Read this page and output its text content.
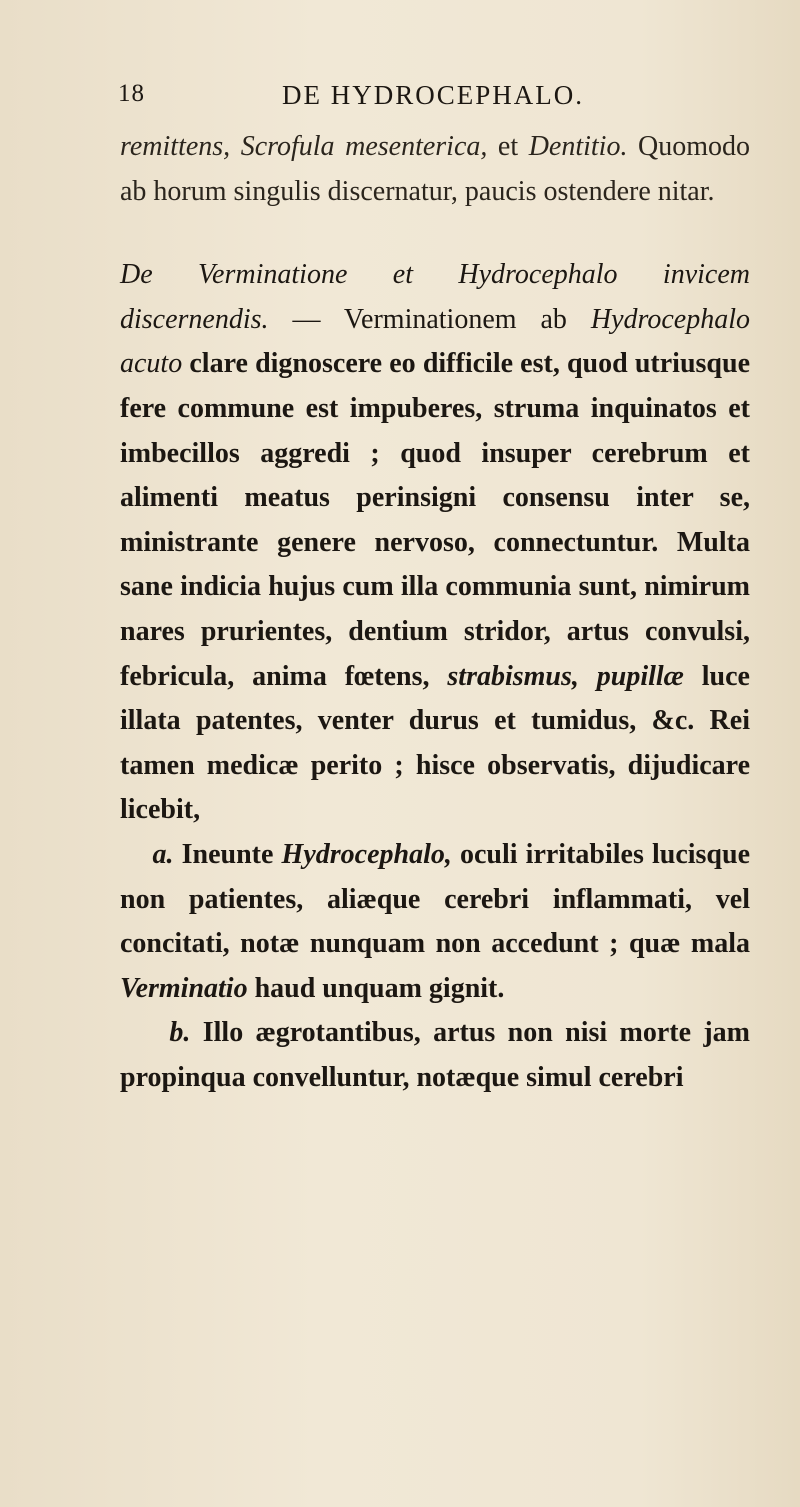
18	DE HYDROCEPHALO.

remittens, Scrofula mesenterica, et Dentitio. Quomodo ab horum singulis discernatur, paucis ostendere nitar.

De Verminatione et Hydrocephalo invicem discernendis. — Verminationem ab Hydrocephalo acuto clare dignoscere eo difficile est, quod utriusque fere commune est impuberes, struma inquinatos et imbecillos aggredi ; quod insuper cerebrum et alimenti meatus perinsigni consensu inter se, ministrante genere nervoso, connectuntur. Multa sane indicia hujus cum illa communia sunt, nimirum nares prurientes, dentium stridor, artus convulsi, febricula, anima fœtens, strabismus, pupillæ luce illata patentes, venter durus et tumidus, &c. Rei tamen medicæ perito ; hisce observatis, dijudicare licebit,

a. Ineunte Hydrocephalo, oculi irritabiles lucisque non patientes, aliæque cerebri inflammati, vel concitati, notæ nunquam non accedunt ; quæ mala Verminatio haud unquam gignit.

b. Illo ægrotantibus, artus non nisi morte jam propinqua convelluntur, notæque simul cerebri
